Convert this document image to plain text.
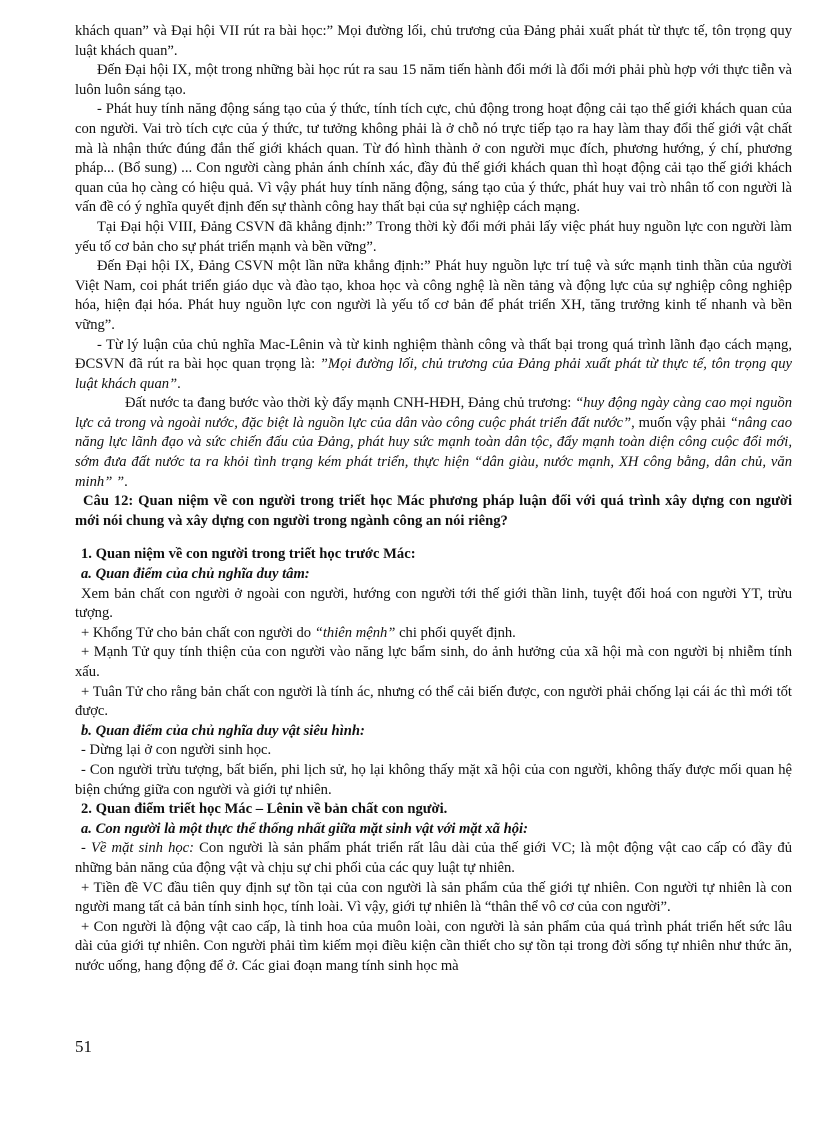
khách quan” và Đại hội VII rút ra bài học:” Mọi đường lối, chủ trương của Đảng phải xuất phát từ thực tế, tôn trọng quy luật khách quan”.

Đến Đại hội IX, một trong những bài học rút ra sau 15 năm tiến hành đổi mới là đổi mới phải phù hợp với thực tiễn và luôn luôn sáng tạo.

- Phát huy tính năng động sáng tạo của ý thức, tính tích cực, chủ động trong hoạt động cải tạo thế giới khách quan của con người. Vai trò tích cực của ý thức, tư tưởng không phải là ở chỗ nó trực tiếp tạo ra hay làm thay đổi thế giới vật chất mà là nhận thức đúng đắn thế giới khách quan. Từ đó hình thành ở con người mục đích, phương hướng, ý chí, phương pháp... (Bổ sung) ... Con người càng phản ánh chính xác, đầy đủ thế giới khách quan thì hoạt động cải tạo thế giới khách quan của họ càng có hiệu quả. Vì vậy phát huy tính năng động, sáng tạo của ý thức, phát huy vai trò nhân tố con người là vấn đề có ý nghĩa quyết định đến sự thành công hay thất bại của sự nghiệp cách mạng.

Tại Đại hội VIII, Đảng CSVN đã khẳng định:” Trong thời kỳ đổi mới phải lấy việc phát huy nguồn lực con người làm yếu tố cơ bản cho sự phát triển mạnh và bền vững”.

Đến Đại hội IX, Đảng CSVN một lần nữa khẳng định:” Phát huy nguồn lực trí tuệ và sức mạnh tinh thần của người Việt Nam, coi phát triển giáo dục và đào tạo, khoa học và công nghệ là nền tảng và động lực của sự nghiệp công nghiệp hóa, hiện đại hóa. Phát huy nguồn lực con người là yếu tố cơ bản để phát triển XH, tăng trưởng kinh tế nhanh và bền vững”.

- Từ lý luận của chủ nghĩa Mac-Lênin và từ kinh nghiệm thành công và thất bại trong quá trình lãnh đạo cách mạng, ĐCSVN đã rút ra bài học quan trọng là: ”Mọi đường lối, chủ trương của Đảng phải xuất phát từ thực tế, tôn trọng quy luật khách quan”.

Đất nước ta đang bước vào thời kỳ đẩy mạnh CNH-HĐH, Đảng chủ trương: “huy động ngày càng cao mọi nguồn lực cả trong và ngoài nước, đặc biệt là nguồn lực của dân vào công cuộc phát triển đất nước”, muốn vậy phải “nâng cao năng lực lãnh đạo và sức chiến đấu của Đảng, phát huy sức mạnh toàn dân tộc, đẩy mạnh toàn diện công cuộc đổi mới, sớm đưa đất nước ta ra khỏi tình trạng kém phát triển, thực hiện “dân giàu, nước mạnh, XH công bằng, dân chủ, văn minh” ”.

Câu 12: Quan niệm về con người trong triết học Mác phương pháp luận đối với quá trình xây dựng con người mới nói chung và xây dựng con người trong ngành công an nói riêng?

1. Quan niệm về con người trong triết học trước Mác:

a. Quan điểm của chủ nghĩa duy tâm:

Xem bản chất con người ở ngoài con người, hướng con người tới thế giới thần linh, tuyệt đối hoá con người YT, trừu tượng.

+ Khổng Tử cho bản chất con người do “thiên mệnh” chi phối quyết định.

+ Mạnh Tử quy tính thiện của con người vào năng lực bẩm sinh, do ảnh hưởng của xã hội mà con người bị nhiễm tính xấu.

+ Tuân Tử cho rằng bản chất con người là tính ác, nhưng có thể cải biến được, con người phải chống lại cái ác thì mới tốt được.

b. Quan điểm của chủ nghĩa duy vật siêu hình:

- Dừng lại ở con người sinh học.

- Con người trừu tượng, bất biến, phi lịch sử, họ lại không thấy mặt xã hội của con người, không thấy được mối quan hệ biện chứng giữa con người và giới tự nhiên.

2. Quan điểm triết học Mác – Lênin về bản chất con người.

a. Con người là một thực thể thống nhất giữa mặt sinh vật với mặt xã hội:

- Về mặt sinh học: Con người là sản phẩm phát triển rất lâu dài của thế giới VC; là một động vật cao cấp có đầy đủ những bản năng của động vật và chịu sự chi phối của các quy luật tự nhiên.

+ Tiền đề VC đầu tiên quy định sự tồn tại của con người là sản phẩm của thế giới tự nhiên. Con người tự nhiên là con người mang tất cả bản tính sinh học, tính loài. Vì vậy, giới tự nhiên là “thân thể vô cơ của con người”.

+ Con người là động vật cao cấp, là tinh hoa của muôn loài, con người là sản phẩm của quá trình phát triển hết sức lâu dài của giới tự nhiên. Con người phải tìm kiếm mọi điều kiện cần thiết cho sự tồn tại trong đời sống tự nhiên như thức ăn, nước uống, hang động để ở. Các giai đoạn mang tính sinh học mà

51
